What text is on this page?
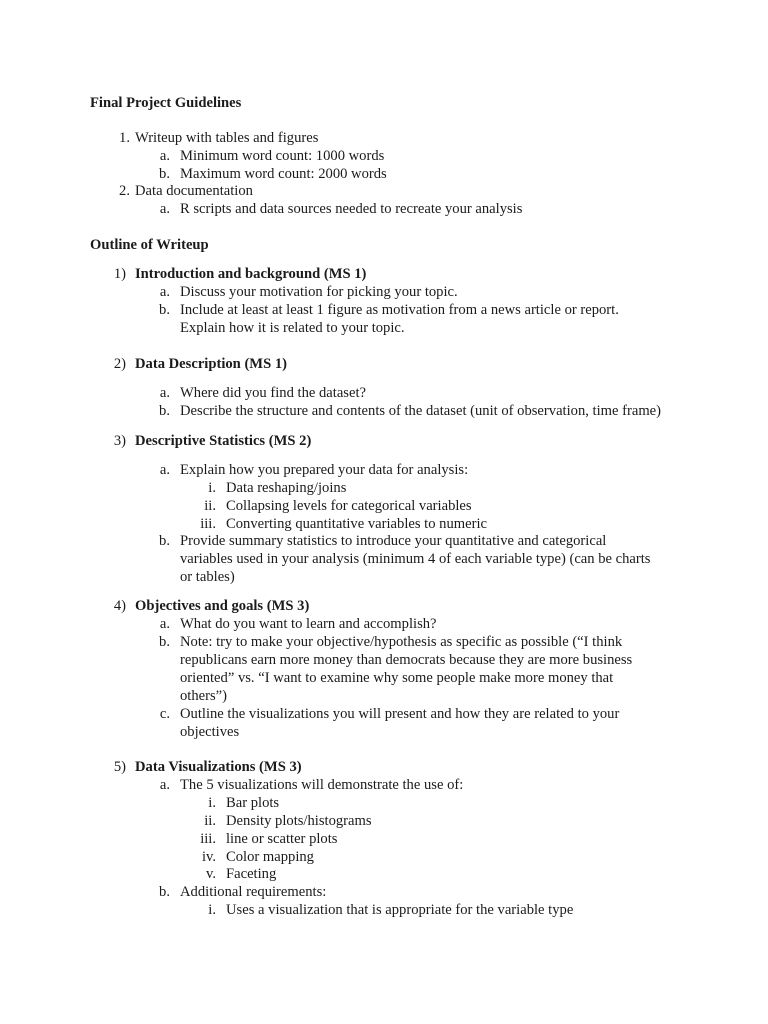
Final Project Guidelines
1. Writeup with tables and figures
a. Minimum word count: 1000 words
b. Maximum word count: 2000 words
2. Data documentation
a. R scripts and data sources needed to recreate your analysis
Outline of Writeup
1) Introduction and background (MS 1)
a. Discuss your motivation for picking your topic.
b. Include at least at least 1 figure as motivation from a news article or report.
Explain how it is related to your topic.
2) Data Description (MS 1)
a. Where did you find the dataset?
b. Describe the structure and contents of the dataset (unit of observation, time frame)
3) Descriptive Statistics (MS 2)
a. Explain how you prepared your data for analysis:
i. Data reshaping/joins
ii. Collapsing levels for categorical variables
iii. Converting quantitative variables to numeric
b. Provide summary statistics to introduce your quantitative and categorical
variables used in your analysis (minimum 4 of each variable type) (can be charts
or tables)
4) Objectives and goals (MS 3)
a. What do you want to learn and accomplish?
b. Note: try to make your objective/hypothesis as specific as possible (“I think
republicans earn more money than democrats because they are more business
oriented” vs. “I want to examine why some people make more money that
others”)
c. Outline the visualizations you will present and how they are related to your
objectives
5) Data Visualizations (MS 3)
a. The 5 visualizations will demonstrate the use of:
i. Bar plots
ii. Density plots/histograms
iii. line or scatter plots
iv. Color mapping
v. Faceting
b. Additional requirements:
i. Uses a visualization that is appropriate for the variable type
